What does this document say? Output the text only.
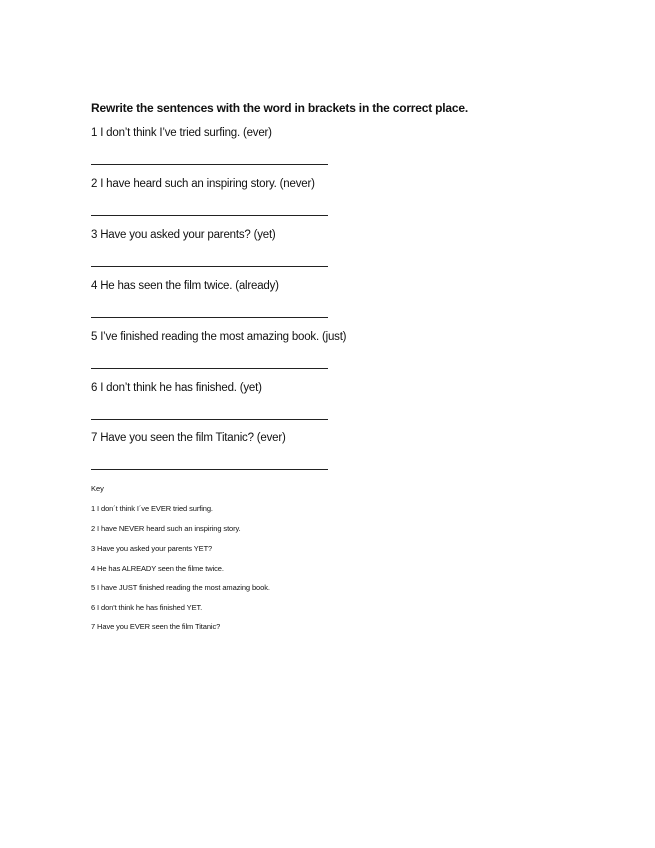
Rewrite the sentences with the word in brackets in the correct place.
1 I don’t think I’ve tried surfing. (ever)
2 I have heard such an inspiring story. (never)
3 Have you asked your parents? (yet)
4 He has seen the film twice. (already)
5 I’ve finished reading the most amazing book. (just)
6 I don’t think he has finished. (yet)
7 Have you seen the film Titanic? (ever)
Key
1 I don´t think I´ve EVER tried surfing.
2 I have NEVER heard such an inspiring story.
3 Have you asked your parents YET?
4 He has ALREADY seen the filme twice.
5 I have JUST finished reading the most amazing book.
6 I don't think he has finished YET.
7 Have you EVER seen the film Titanic?
